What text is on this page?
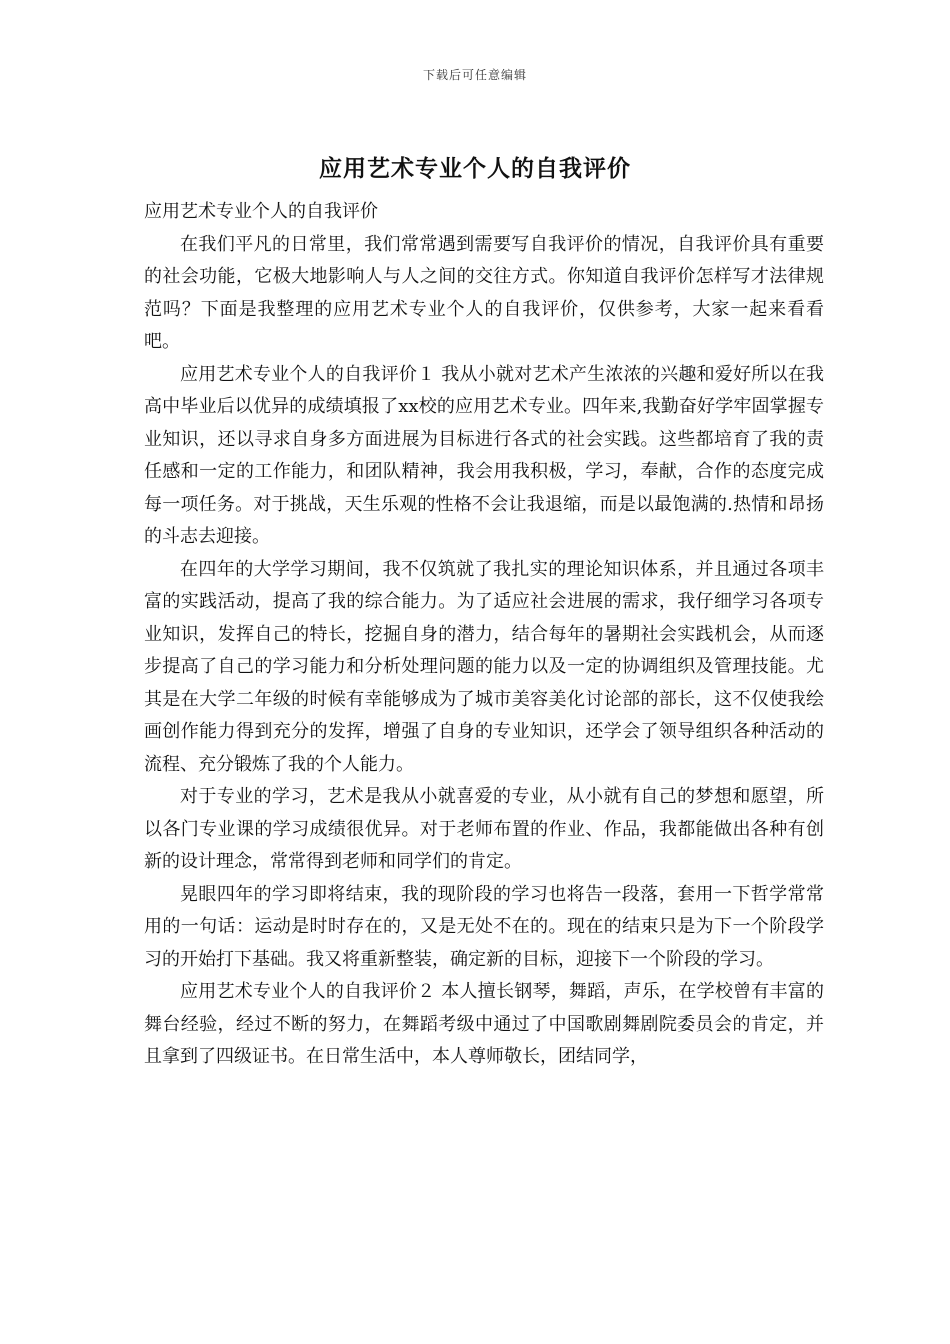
下载后可任意编辑
应用艺术专业个人的自我评价

应用艺术专业个人的自我评价

在我们平凡的日常里，我们常常遇到需要写自我评价的情况，自我评价具有重要的社会功能，它极大地影响人与人之间的交往方式。你知道自我评价怎样写才法律规范吗？下面是我整理的应用艺术专业个人的自我评价，仅供参考，大家一起来看看吧。

应用艺术专业个人的自我评价１ 我从小就对艺术产生浓浓的兴趣和爱好所以在我高中毕业后以优异的成绩填报了xx校的应用艺术专业。四年来,我勤奋好学牢固掌握专业知识，还以寻求自身多方面进展为目标进行各式的社会实践。这些都培育了我的责任感和一定的工作能力，和团队精神，我会用我积极，学习，奉献，合作的态度完成每一项任务。对于挑战，天生乐观的性格不会让我退缩，而是以最饱满的.热情和昂扬的斗志去迎接。

在四年的大学学习期间，我不仅筑就了我扎实的理论知识体系，并且通过各项丰富的实践活动，提高了我的综合能力。为了适应社会进展的需求，我仔细学习各项专业知识，发挥自己的特长，挖掘自身的潜力，结合每年的暑期社会实践机会，从而逐步提高了自己的学习能力和分析处理问题的能力以及一定的协调组织及管理技能。尤其是在大学二年级的时候有幸能够成为了城市美容美化讨论部的部长，这不仅使我绘画创作能力得到充分的发挥，增强了自身的专业知识，还学会了领导组织各种活动的流程、充分锻炼了我的个人能力。

对于专业的学习，艺术是我从小就喜爱的专业，从小就有自己的梦想和愿望，所以各门专业课的学习成绩很优异。对于老师布置的作业、作品，我都能做出各种有创新的设计理念，常常得到老师和同学们的肯定。

晃眼四年的学习即将结束，我的现阶段的学习也将告一段落，套用一下哲学常常用的一句话：运动是时时存在的，又是无处不在的。现在的结束只是为下一个阶段学习的开始打下基础。我又将重新整装，确定新的目标，迎接下一个阶段的学习。

应用艺术专业个人的自我评价２ 本人擅长钢琴，舞蹈，声乐，在学校曾有丰富的舞台经验，经过不断的努力，在舞蹈考级中通过了中国歌剧舞剧院委员会的肯定，并且拿到了四级证书。在日常生活中，本人尊师敬长，团结同学，
